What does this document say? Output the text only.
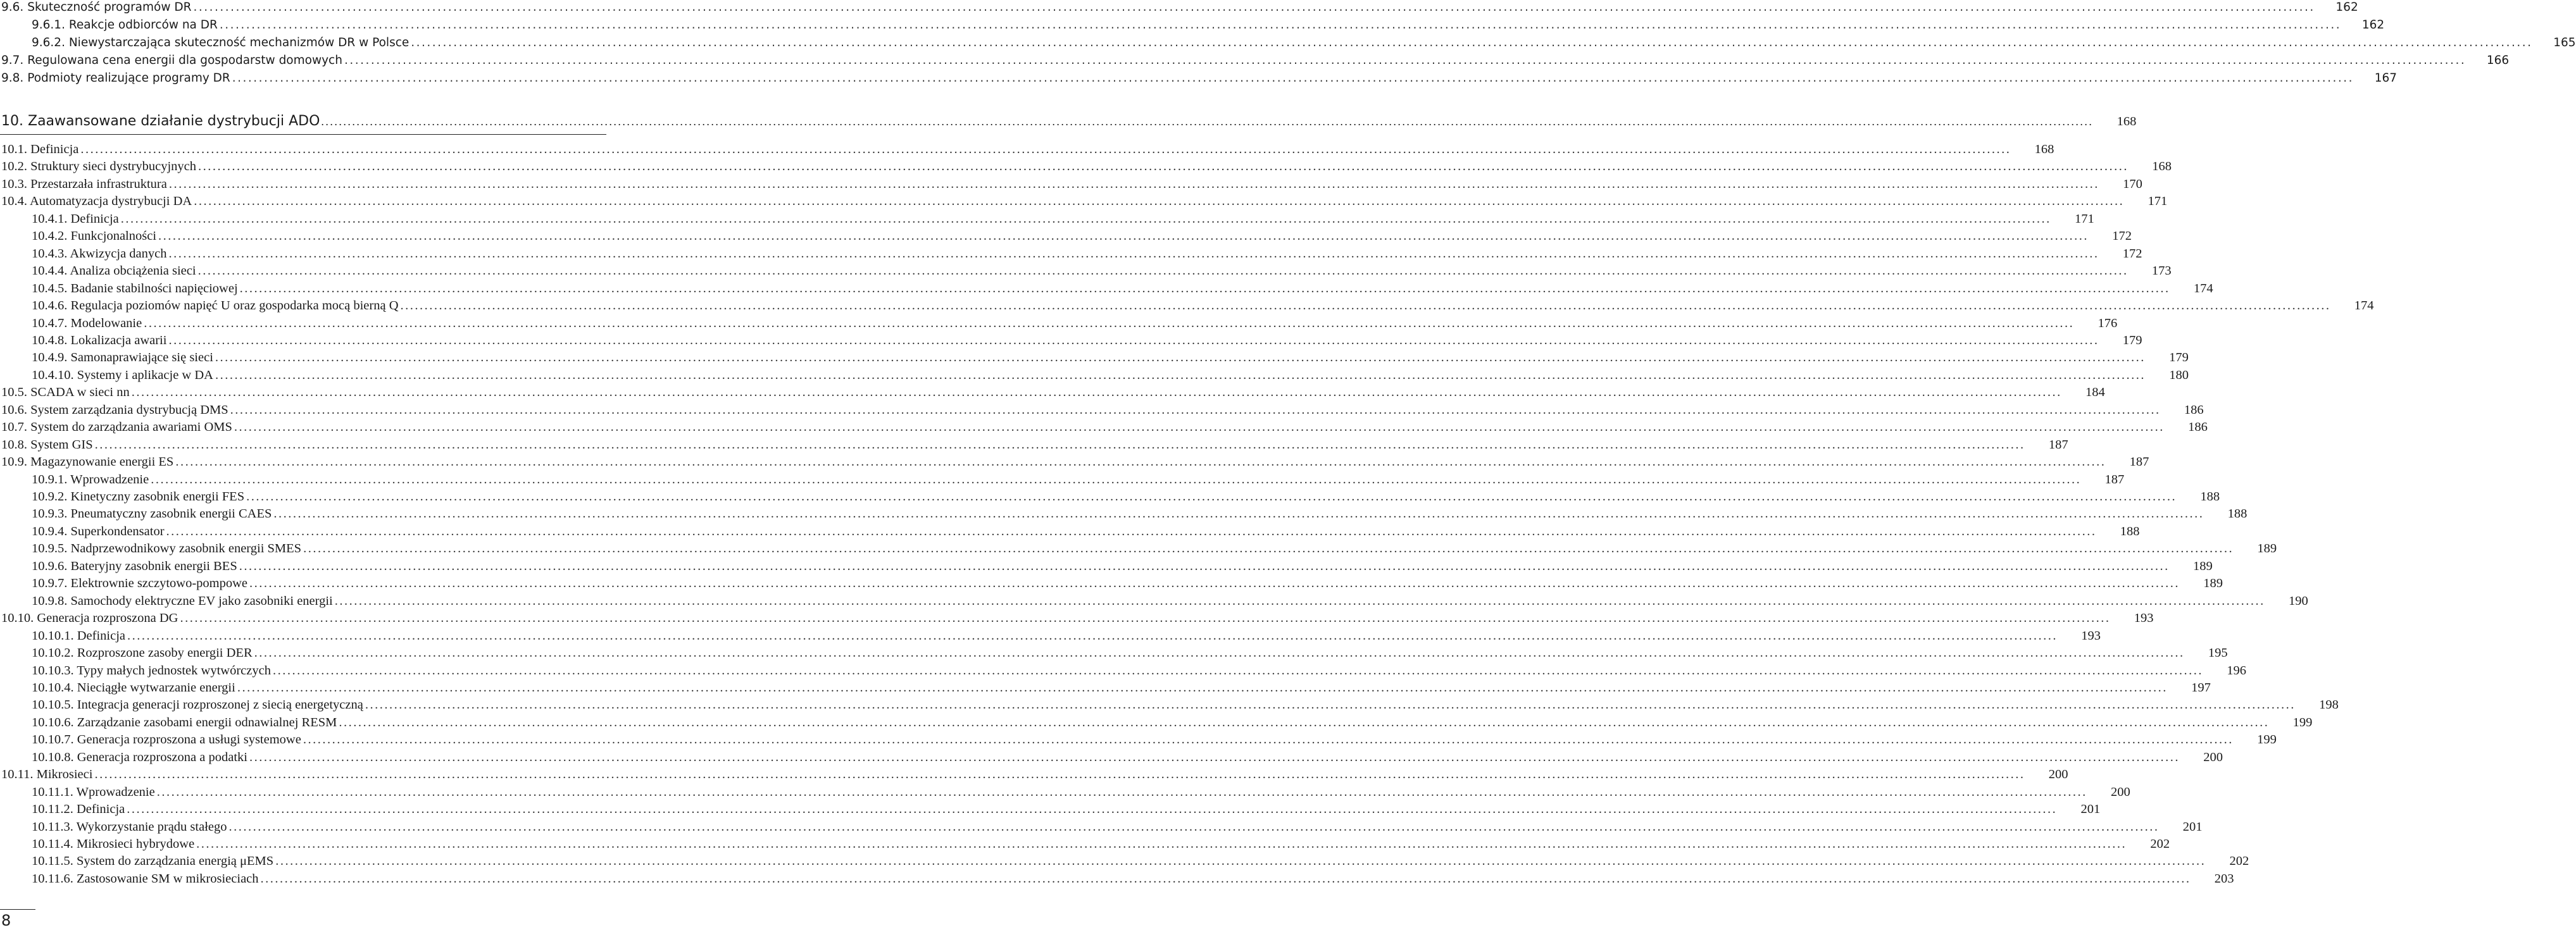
9.6. Skuteczność programów DR ................................................................................................................................................................................................................................................................................................................................................................................................................	162
9.6.1. Reakcje odbiorców na DR ................................................................................................................................................................................................................................................................................................................................................................................................................	162
9.6.2. Niewystarczająca skuteczność mechanizmów DR w Polsce ................................................................................................................................................................................................................................................................................................................................................................................................................	165
9.7. Regulowana cena energii dla gospodarstw domowych ................................................................................................................................................................................................................................................................................................................................................................................................................	166
9.8. Podmioty realizujące programy DR ................................................................................................................................................................................................................................................................................................................................................................................................................	167
10. Zaawansowane działanie dystrybucji ADO ................................................................................................................................................................................................................................................................................................................................................................................................................	168
10.1. Definicja ................................................................................................................................................................................................................................................................................................................................................................................................................	168
10.2. Struktury sieci dystrybucyjnych ................................................................................................................................................................................................................................................................................................................................................................................................................	168
10.3. Przestarzała infrastruktura ................................................................................................................................................................................................................................................................................................................................................................................................................	170
10.4. Automatyzacja dystrybucji DA ................................................................................................................................................................................................................................................................................................................................................................................................................	171
10.4.1. Definicja ................................................................................................................................................................................................................................................................................................................................................................................................................	171
10.4.2. Funkcjonalności ................................................................................................................................................................................................................................................................................................................................................................................................................	172
10.4.3. Akwizycja danych ................................................................................................................................................................................................................................................................................................................................................................................................................	172
10.4.4. Analiza obciążenia sieci ................................................................................................................................................................................................................................................................................................................................................................................................................	173
10.4.5. Badanie stabilności napięciowej ................................................................................................................................................................................................................................................................................................................................................................................................................	174
10.4.6. Regulacja poziomów napięć U oraz gospodarka mocą bierną Q ................................................................................................................................................................................................................................................................................................................................................................................................................	174
10.4.7. Modelowanie ................................................................................................................................................................................................................................................................................................................................................................................................................	176
10.4.8. Lokalizacja awarii ................................................................................................................................................................................................................................................................................................................................................................................................................	179
10.4.9. Samonaprawiające się sieci ................................................................................................................................................................................................................................................................................................................................................................................................................	179
10.4.10. Systemy i aplikacje w DA ................................................................................................................................................................................................................................................................................................................................................................................................................	180
10.5. SCADA w sieci nn ................................................................................................................................................................................................................................................................................................................................................................................................................	184
10.6. System zarządzania dystrybucją DMS ................................................................................................................................................................................................................................................................................................................................................................................................................	186
10.7. System do zarządzania awariami OMS ................................................................................................................................................................................................................................................................................................................................................................................................................	186
10.8. System GIS ................................................................................................................................................................................................................................................................................................................................................................................................................	187
10.9. Magazynowanie energii ES ................................................................................................................................................................................................................................................................................................................................................................................................................	187
10.9.1. Wprowadzenie ................................................................................................................................................................................................................................................................................................................................................................................................................	187
10.9.2. Kinetyczny zasobnik energii FES ................................................................................................................................................................................................................................................................................................................................................................................................................	188
10.9.3. Pneumatyczny zasobnik energii CAES ................................................................................................................................................................................................................................................................................................................................................................................................................	188
10.9.4. Superkondensator ................................................................................................................................................................................................................................................................................................................................................................................................................	188
10.9.5. Nadprzewodnikowy zasobnik energii SMES ................................................................................................................................................................................................................................................................................................................................................................................................................	189
10.9.6. Bateryjny zasobnik energii BES ................................................................................................................................................................................................................................................................................................................................................................................................................	189
10.9.7. Elektrownie szczytowo-pompowe ................................................................................................................................................................................................................................................................................................................................................................................................................	189
10.9.8. Samochody elektryczne EV jako zasobniki energii ................................................................................................................................................................................................................................................................................................................................................................................................................	190
10.10. Generacja rozproszona DG ................................................................................................................................................................................................................................................................................................................................................................................................................	193
10.10.1. Definicja ................................................................................................................................................................................................................................................................................................................................................................................................................	193
10.10.2. Rozproszone zasoby energii DER ................................................................................................................................................................................................................................................................................................................................................................................................................	195
10.10.3. Typy małych jednostek wytwórczych ................................................................................................................................................................................................................................................................................................................................................................................................................	196
10.10.4. Nieciągłe wytwarzanie energii ................................................................................................................................................................................................................................................................................................................................................................................................................	197
10.10.5. Integracja generacji rozproszonej z siecią energetyczną ................................................................................................................................................................................................................................................................................................................................................................................................................	198
10.10.6. Zarządzanie zasobami energii odnawialnej RESM ................................................................................................................................................................................................................................................................................................................................................................................................................	199
10.10.7. Generacja rozproszona a usługi systemowe ................................................................................................................................................................................................................................................................................................................................................................................................................	199
10.10.8. Generacja rozproszona a podatki ................................................................................................................................................................................................................................................................................................................................................................................................................	200
10.11. Mikrosieci ................................................................................................................................................................................................................................................................................................................................................................................................................	200
10.11.1. Wprowadzenie ................................................................................................................................................................................................................................................................................................................................................................................................................	200
10.11.2. Definicja ................................................................................................................................................................................................................................................................................................................................................................................................................	201
10.11.3. Wykorzystanie prądu stałego ................................................................................................................................................................................................................................................................................................................................................................................................................	201
10.11.4. Mikrosieci hybrydowe ................................................................................................................................................................................................................................................................................................................................................................................................................	202
10.11.5. System do zarządzania energią μEMS ................................................................................................................................................................................................................................................................................................................................................................................................................	202
10.11.6. Zastosowanie SM w mikrosieciach ................................................................................................................................................................................................................................................................................................................................................................................................................	203
8
